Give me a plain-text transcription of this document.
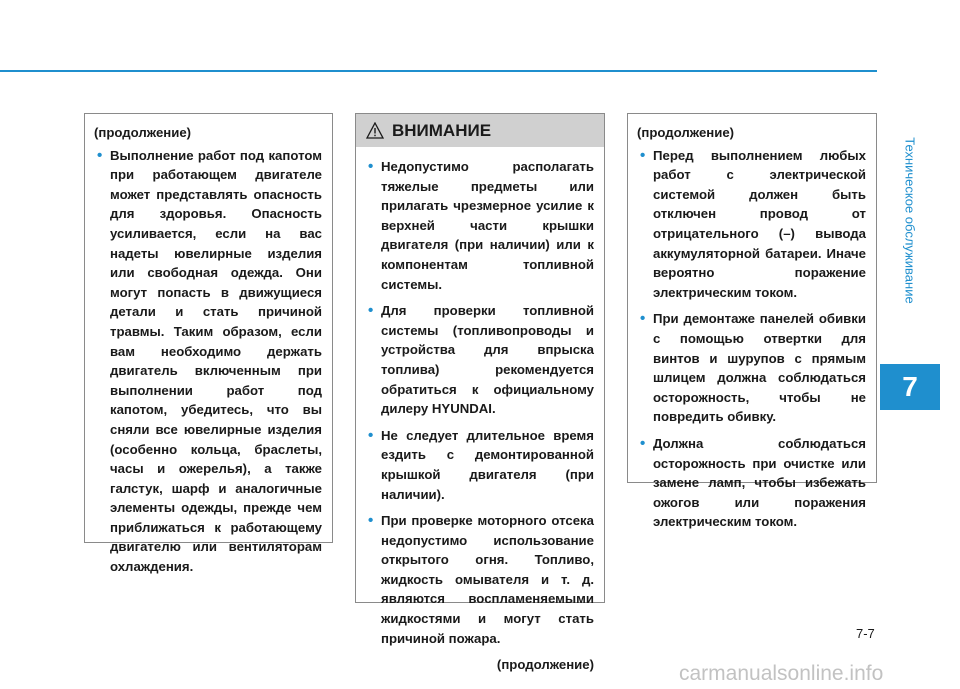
Техническое обслуживание
7
(продолжение)
• Выполнение работ под капотом при работающем двигателе может представлять опасность для здоровья. Опасность усиливается, если на вас надеты ювелирные изделия или свободная одежда. Они могут попасть в движущиеся детали и стать причиной травмы. Таким образом, если вам необходимо держать двигатель включенным при выполнении работ под капотом, убедитесь, что вы сняли все ювелирные изделия (особенно кольца, браслеты, часы и ожерелья), а также галстук, шарф и аналогичные элементы одежды, прежде чем приближаться к работающему двигателю или вентиляторам охлаждения.
ВНИМАНИЕ
• Недопустимо располагать тяжелые предметы или прилагать чрезмерное усилие к верхней части крышки двигателя (при наличии) или к компонентам топливной системы.
• Для проверки топливной системы (топливопроводы и устройства для впрыска топлива) рекомендуется обратиться к официальному дилеру HYUNDAI.
• Не следует длительное время ездить с демонтированной крышкой двигателя (при наличии).
• При проверке моторного отсека недопустимо использование открытого огня. Топливо, жидкость омывателя и т. д. являются воспламеняемыми жидкостями и могут стать причиной пожара.
(продолжение)
(продолжение)
• Перед выполнением любых работ с электрической системой должен быть отключен провод от отрицательного (–) вывода аккумуляторной батареи. Иначе вероятно поражение электрическим током.
• При демонтаже панелей обивки с помощью отвертки для винтов и шурупов с прямым шлицем должна соблюдаться осторожность, чтобы не повредить обивку.
• Должна соблюдаться осторожность при очистке или замене ламп, чтобы избежать ожогов или поражения электрическим током.
7-7
carmanualsonline.info
